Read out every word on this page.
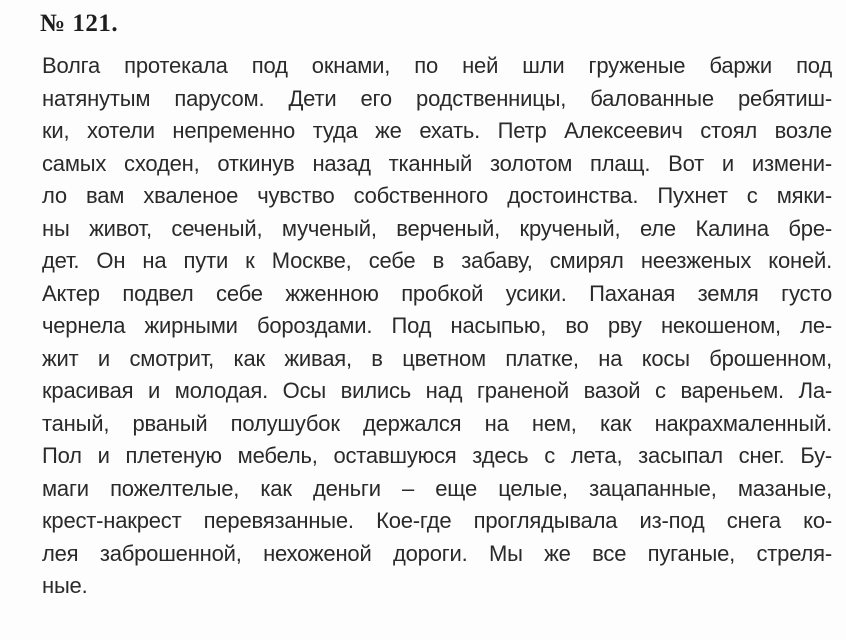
№ 121.
Волга протекала под окнами, по ней шли груженые баржи под
натянутым парусом. Дети его родственницы, балованные ребятиш-
ки, хотели непременно туда же ехать. Петр Алексеевич стоял возле
самых сходен, откинув назад тканный золотом плащ. Вот и измени-
ло вам хваленое чувство собственного достоинства. Пухнет с мяки-
ны живот, сеченый, мученый, верченый, крученый, еле Калина бре-
дет. Он на пути к Москве, себе в забаву, смирял неезженых коней.
Актер подвел себе жженною пробкой усики. Паханая земля густо
чернела жирными бороздами. Под насыпью, во рву некошеном, ле-
жит и смотрит, как живая, в цветном платке, на косы брошенном,
красивая и молодая. Осы вились над граненой вазой с вареньем. Ла-
таный, рваный полушубок держался на нем, как накрахмаленный.
Пол и плетеную мебель, оставшуюся здесь с лета, засыпал снег. Бу-
маги пожелтелые, как деньги – еще целые, зацапанные, мазаные,
крест-накрест перевязанные. Кое-где проглядывала из-под снега ко-
лея заброшенной, нехоженой дороги. Мы же все пуганые, стреля-
ные.
